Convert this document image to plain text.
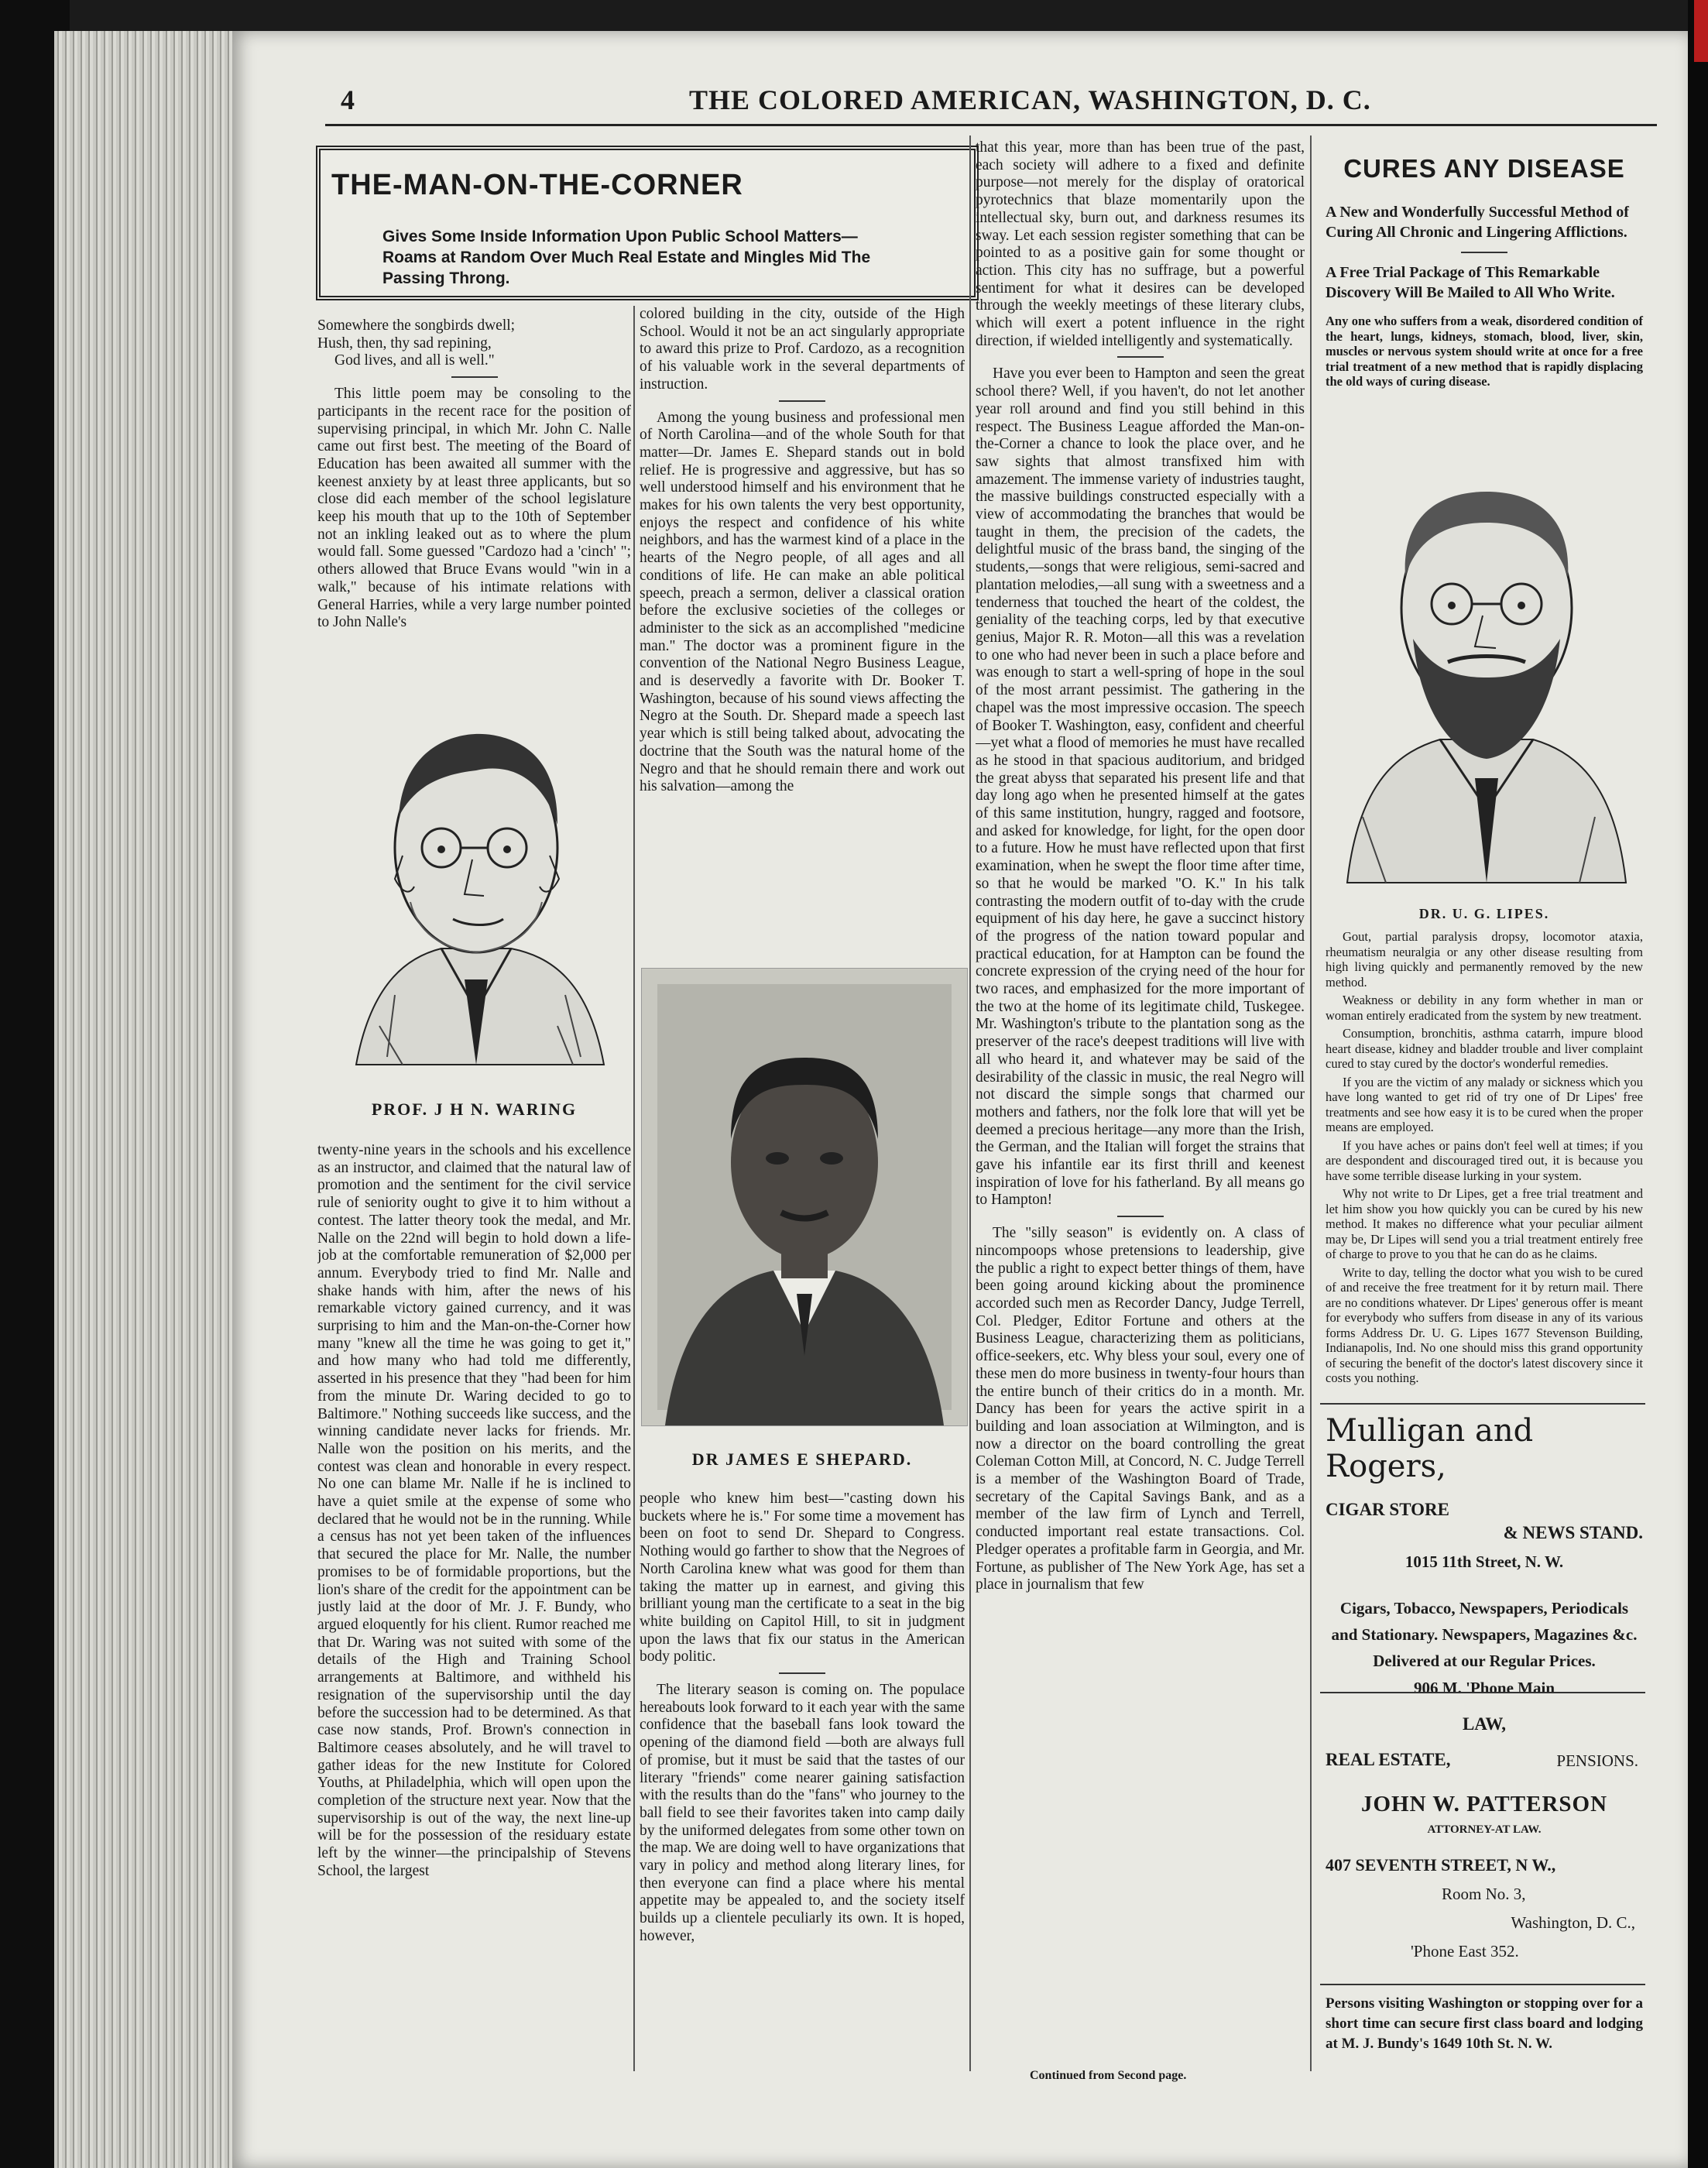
4	THE COLORED AMERICAN, WASHINGTON, D. C.
THE-MAN-ON-THE-CORNER
Gives Some Inside Information Upon Public School Matters—Roams at Random Over Much Real Estate and Mingles Mid The Passing Throng.

Somewhere the songbirds dwell;

Hush, then, thy sad repining,

God lives, and all is well."

This little poem may be consoling to the participants in the recent race for the position of supervising principal, in which Mr. John C. Nalle came out first best. The meeting of the Board of Education has been awaited all summer with the keenest anxiety by at least three applicants, but so close did each member of the school legislature keep his mouth that up to the 10th of September not an inkling leaked out as to where the plum would fall. Some guessed "Cardozo had a 'cinch' "; others allowed that Bruce Evans would "win in a walk," because of his intimate relations with General Harries, while a very large number pointed to John Nalle's

PROF. J H N. WARING

twenty-nine years in the schools and his excellence as an instructor, and claimed that the natural law of promotion and the sentiment for the civil service rule of seniority ought to give it to him without a contest. The latter theory took the medal, and Mr. Nalle on the 22nd will begin to hold down a life-job at the comfortable remuneration of $2,000 per annum. Everybody tried to find Mr. Nalle and shake hands with him, after the news of his remarkable victory gained currency, and it was surprising to him and the Man-on-the-Corner how many "knew all the time he was going to get it," and how many who had told me differently, asserted in his presence that they "had been for him from the minute Dr. Waring decided to go to Baltimore." Nothing succeeds like success, and the winning candidate never lacks for friends. Mr. Nalle won the position on his merits, and the contest was clean and honorable in every respect. No one can blame Mr. Nalle if he is inclined to have a quiet smile at the expense of some who declared that he would not be in the running. While a census has not yet been taken of the influences that secured the place for Mr. Nalle, the number promises to be of formidable proportions, but the lion's share of the credit for the appointment can be justly laid at the door of Mr. J. F. Bundy, who argued eloquently for his client. Rumor reached me that Dr. Waring was not suited with some of the details of the High and Training School arrangements at Baltimore, and withheld his resignation of the supervisorship until the day before the succession had to be determined. As that case now stands, Prof. Brown's connection in Baltimore ceases absolutely, and he will travel to gather ideas for the new Institute for Colored Youths, at Philadelphia, which will open upon the completion of the structure next year. Now that the supervisorship is out of the way, the next line-up will be for the possession of the residuary estate left by the winner—the principalship of Stevens School, the largest

colored building in the city, outside of the High School. Would it not be an act singularly appropriate to award this prize to Prof. Cardozo, as a recognition of his valuable work in the several departments of instruction.

Among the young business and professional men of North Carolina—and of the whole South for that matter—Dr. James E. Shepard stands out in bold relief. He is progressive and aggressive, but has so well understood himself and his environment that he makes for his own talents the very best opportunity, enjoys the respect and confidence of his white neighbors, and has the warmest kind of a place in the hearts of the Negro people, of all ages and all conditions of life. He can make an able political speech, preach a sermon, deliver a classical oration before the exclusive societies of the colleges or administer to the sick as an accomplished "medicine man." The doctor was a prominent figure in the convention of the National Negro Business League, and is deservedly a favorite with Dr. Booker T. Washington, because of his sound views affecting the Negro at the South. Dr. Shepard made a speech last year which is still being talked about, advocating the doctrine that the South was the natural home of the Negro and that he should remain there and work out his salvation—among the

DR JAMES E SHEPARD.

people who knew him best—"casting down his buckets where he is." For some time a movement has been on foot to send Dr. Shepard to Congress. Nothing would go farther to show that the Negroes of North Carolina knew what was good for them than taking the matter up in earnest, and giving this brilliant young man the certificate to a seat in the big white building on Capitol Hill, to sit in judgment upon the laws that fix our status in the American body politic.

The literary season is coming on. The populace hereabouts look forward to it each year with the same confidence that the baseball fans look toward the opening of the diamond field —both are always full of promise, but it must be said that the tastes of our literary "friends" come nearer gaining satisfaction with the results than do the "fans" who journey to the ball field to see their favorites taken into camp daily by the uniformed delegates from some other town on the map. We are doing well to have organizations that vary in policy and method along literary lines, for then everyone can find a place where his mental appetite may be appealed to, and the society itself builds up a clientele peculiarly its own. It is hoped, however,

that this year, more than has been true of the past, each society will adhere to a fixed and definite purpose—not merely for the display of oratorical pyrotechnics that blaze momentarily upon the intellectual sky, burn out, and darkness resumes its sway. Let each session register something that can be pointed to as a positive gain for some thought or action. This city has no suffrage, but a powerful sentiment for what it desires can be developed through the weekly meetings of these literary clubs, which will exert a potent influence in the right direction, if wielded intelligently and systematically.

Have you ever been to Hampton and seen the great school there? Well, if you haven't, do not let another year roll around and find you still behind in this respect. The Business League afforded the Man-on-the-Corner a chance to look the place over, and he saw sights that almost transfixed him with amazement. The immense variety of industries taught, the massive buildings constructed especially with a view of accommodating the branches that would be taught in them, the precision of the cadets, the delightful music of the brass band, the singing of the students,—songs that were religious, semi-sacred and plantation melodies,—all sung with a sweetness and a tenderness that touched the heart of the coldest, the geniality of the teaching corps, led by that executive genius, Major R. R. Moton—all this was a revelation to one who had never been in such a place before and was enough to start a well-spring of hope in the soul of the most arrant pessimist. The gathering in the chapel was the most impressive occasion. The speech of Booker T. Washington, easy, confident and cheerful—yet what a flood of memories he must have recalled as he stood in that spacious auditorium, and bridged the great abyss that separated his present life and that day long ago when he presented himself at the gates of this same institution, hungry, ragged and footsore, and asked for knowledge, for light, for the open door to a future. How he must have reflected upon that first examination, when he swept the floor time after time, so that he would be marked "O. K." In his talk contrasting the modern outfit of to-day with the crude equipment of his day here, he gave a succinct history of the progress of the nation toward popular and practical education, for at Hampton can be found the concrete expression of the crying need of the hour for two races, and emphasized for the more important of the two at the home of its legitimate child, Tuskegee. Mr. Washington's tribute to the plantation song as the preserver of the race's deepest traditions will live with all who heard it, and whatever may be said of the desirability of the classic in music, the real Negro will not discard the simple songs that charmed our mothers and fathers, nor the folk lore that will yet be deemed a precious heritage—any more than the Irish, the German, and the Italian will forget the strains that gave his infantile ear its first thrill and keenest inspiration of love for his fatherland. By all means go to Hampton!

The "silly season" is evidently on. A class of nincompoops whose pretensions to leadership, give the public a right to expect better things of them, have been going around kicking about the prominence accorded such men as Recorder Dancy, Judge Terrell, Col. Pledger, Editor Fortune and others at the Business League, characterizing them as politicians, office-seekers, etc. Why bless your soul, every one of these men do more business in twenty-four hours than the entire bunch of their critics do in a month. Mr. Dancy has been for years the active spirit in a building and loan association at Wilmington, and is now a director on the board controlling the great Coleman Cotton Mill, at Concord, N. C. Judge Terrell is a member of the Washington Board of Trade, secretary of the Capital Savings Bank, and as a member of the law firm of Lynch and Terrell, conducted important real estate transactions. Col. Pledger operates a profitable farm in Georgia, and Mr. Fortune, as publisher of The New York Age, has set a place in journalism that few

Continued from Second page.
CURES ANY DISEASE
A New and Wonderfully Successful Method of Curing All Chronic and Lingering Afflictions.
A Free Trial Package of This Remarkable Discovery Will Be Mailed to All Who Write.
Any one who suffers from a weak, disordered condition of the heart, lungs, kidneys, stomach, blood, liver, skin, muscles or nervous system should write at once for a free trial treatment of a new method that is rapidly displacing the old ways of curing disease.
DR. U. G. LIPES.

Gout, partial paralysis dropsy, locomotor ataxia, rheumatism neuralgia or any other disease resulting from high living quickly and permanently removed by the new method.

Weakness or debility in any form whether in man or woman entirely eradicated from the system by new treatment.

Consumption, bronchitis, asthma catarrh, impure blood heart disease, kidney and bladder trouble and liver complaint cured to stay cured by the doctor's wonderful remedies.

If you are the victim of any malady or sickness which you have long wanted to get rid of try one of Dr Lipes' free treatments and see how easy it is to be cured when the proper means are employed.

If you have aches or pains don't feel well at times; if you are despondent and discouraged tired out, it is because you have some terrible disease lurking in your system.

Why not write to Dr Lipes, get a free trial treatment and let him show you how quickly you can be cured by his new method. It makes no difference what your peculiar ailment may be, Dr Lipes will send you a trial treatment entirely free of charge to prove to you that he can do as he claims.

Write to day, telling the doctor what you wish to be cured of and receive the free treatment for it by return mail. There are no conditions whatever. Dr Lipes' generous offer is meant for everybody who suffers from disease in any of its various forms Address Dr. U. G. Lipes 1677 Stevenson Building, Indianapolis, Ind. No one should miss this grand opportunity of securing the benefit of the doctor's latest discovery since it costs you nothing.

Mulligan and Rogers,
CIGAR STORE
& NEWS STAND.
1015 11th Street, N. W.
Cigars, Tobacco, Newspapers, Periodicals and Stationary. Newspapers, Magazines &c. Delivered at our Regular Prices.
906 M. 'Phone Main
LAW,
REAL ESTATE,	PENSIONS.
JOHN W. PATTERSON
ATTORNEY-AT LAW.
407 SEVENTH STREET, N W.,
Room No. 3,
Washington, D. C.,
'Phone East 352.
Persons visiting Washington or stopping over for a short time can secure first class board and lodging at M. J. Bundy's 1649 10th St. N. W.
